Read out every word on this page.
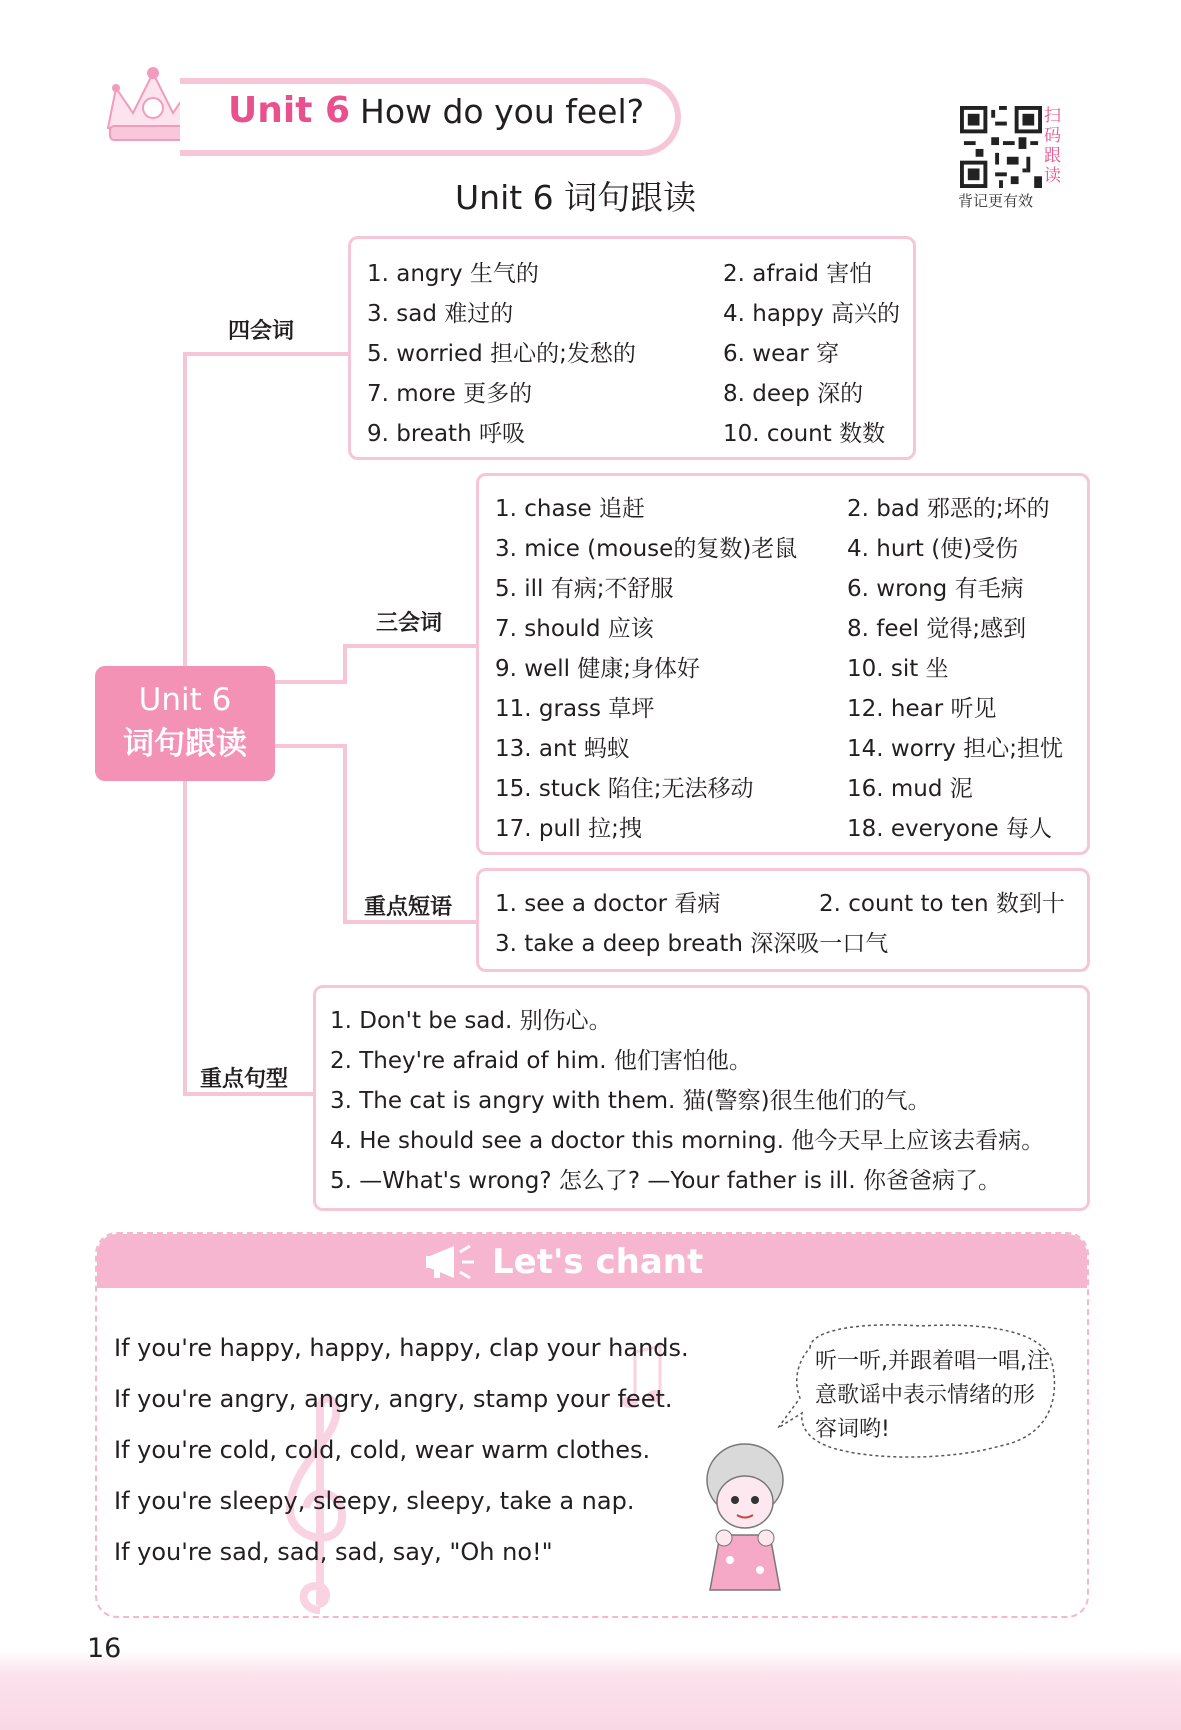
Unit 6 How do you feel?	扫码跟读
背记更有效
Unit 6 词句跟读
四会词
三会词
重点短语
重点句型
Unit 6
词句跟读
1. angry 生气的	2. afraid 害怕
3. sad 难过的	4. happy 高兴的
5. worried 担心的;发愁的	6. wear 穿
7. more 更多的	8. deep 深的
9. breath 呼吸	10. count 数数
1. chase 追赶	2. bad 邪恶的;坏的
3. mice (mouse的复数)老鼠 4. hurt (使)受伤
5. ill 有病;不舒服	6. wrong 有毛病
7. should 应该	8. feel 觉得;感到
9. well 健康;身体好	10. sit 坐
11. grass 草坪	12. hear 听见
13. ant 蚂蚁	14. worry 担心;担忧
15. stuck 陷住;无法移动	16. mud 泥
17. pull 拉;拽	18. everyone 每人
1. see a doctor 看病	2. count to ten 数到十
3. take a deep breath 深深吸一口气
1. Don't be sad. 别伤心。
2. They're afraid of him. 他们害怕他。
3. The cat is angry with them. 猫(警察)很生他们的气。
4. He should see a doctor this morning. 他今天早上应该去看病。
5. —What's wrong? 怎么了? —Your father is ill. 你爸爸病了。
Let's chant
If you're happy, happy, happy, clap your hands.
If you're angry, angry, angry, stamp your feet.
If you're cold, cold, cold, wear warm clothes.
If you're sleepy, sleepy, sleepy, take a nap.
If you're sad, sad, sad, say, "Oh no!"
听一听,并跟着唱一唱,注意歌谣中表示情绪的形容词哟!
16
